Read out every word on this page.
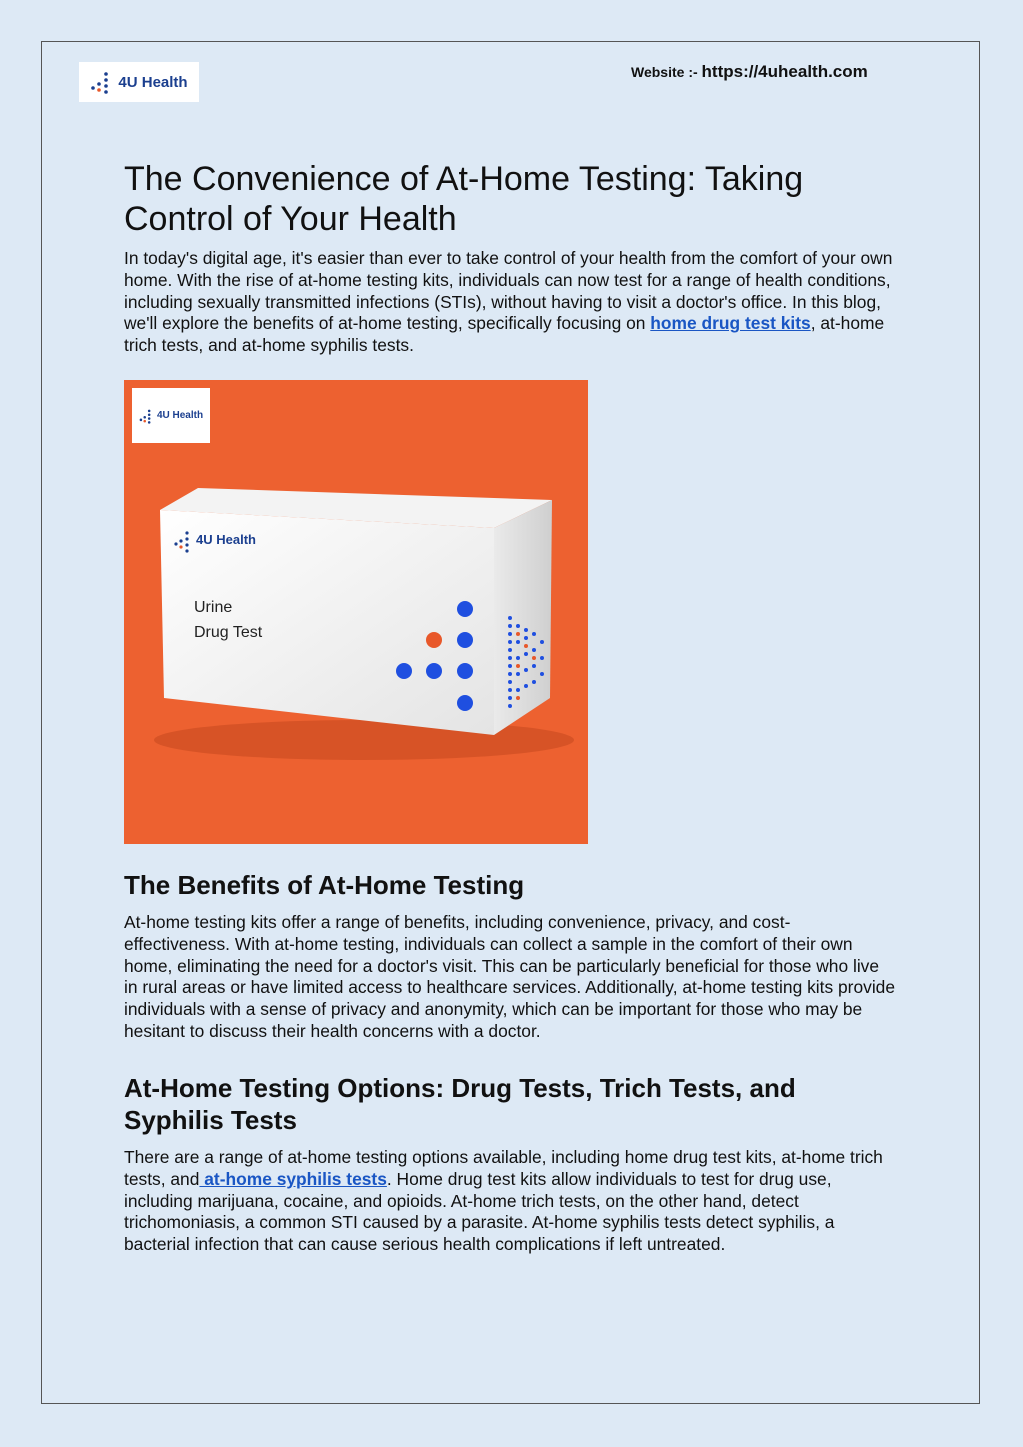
4U Health
Website :- https://4uhealth.com
The Convenience of At-Home Testing: Taking
Control of Your Health

In today's digital age, it's easier than ever to take control of your health from the comfort of your own home. With the rise of at-home testing kits, individuals can now test for a range of health conditions, including sexually transmitted infections (STIs), without having to visit a doctor's office. In this blog, we'll explore the benefits of at-home testing, specifically focusing on home drug test kits, at-home trich tests, and at-home syphilis tests.

4U Health
4U Health
Urine
Drug Test
The Benefits of At-Home Testing

At-home testing kits offer a range of benefits, including convenience, privacy, and cost-effectiveness. With at-home testing, individuals can collect a sample in the comfort of their own home, eliminating the need for a doctor's visit. This can be particularly beneficial for those who live in rural areas or have limited access to healthcare services. Additionally, at-home testing kits provide individuals with a sense of privacy and anonymity, which can be important for those who may be hesitant to discuss their health concerns with a doctor.

At-Home Testing Options: Drug Tests, Trich Tests, and
Syphilis Tests

There are a range of at-home testing options available, including home drug test kits, at-home trich tests, and at-home syphilis tests. Home drug test kits allow individuals to test for drug use, including marijuana, cocaine, and opioids. At-home trich tests, on the other hand, detect trichomoniasis, a common STI caused by a parasite. At-home syphilis tests detect syphilis, a bacterial infection that can cause serious health complications if left untreated.
